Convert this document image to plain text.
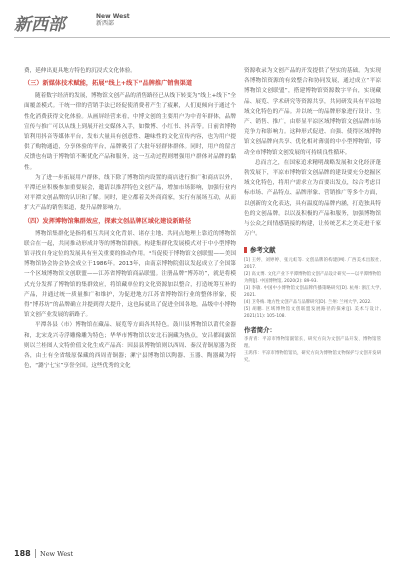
新西部	New West
新西部

费，延伸出更具地方特色的沉浸式文化体验。

（三）新媒体技术赋能，拓展“线上+线下”品牌推广销售渠道

随着数字经济的发展，博物馆文创产品的消售路径已从线下转变为“线上+线下”全面覆盖模式。干统一律的营销手法已经促使消费者产生了疲累，人们更倾向于通过个性化消费获得文化体验。从画屏经营来看，中博文创的主要用户为中青年群体，品牌宣传与推广可以从线上到展开社交媒体入手，如微博、小红书、抖音等。日前省博物馆利用抖音等媒体平台，发布大量具有创意性、趣味性的文化宣传内容，也为用户提供了购物通道，分享体验的平台，品牌吸引了大批年轻群体群体。同时，用户的留言反馈也有助于博物馆不断优化产品和服务，这一互动过程则增强用户群体对品牌的黏性。

为了进一步拓展用户群体，线下除了博物馆内设置的商店进行推广和商店以外，平潭还应积极参加重要展会，邀请以推荐特色文创产品，增加市场影响，加强行业内对平潭文创品牌的认识和了解。同时，建立都着关外商商家，实行有展场互动，从而扩大产品的销售渠道，提升品牌影响力。

（四）发挥博物馆集群效应，探索文创品牌区域化建设新路径

博物馆集群化是指将相互共同文化背景、诸存主地、共同点地理上靠近的博物馆联合在一起，共同推动形成并等的博物馆群族。构建集群化发展模式对于中小型博物馆寻找自身定位的发展具有至关重要的推动作用。⁴当促使于博物馆文创联盟——美国博物馆协会协会协会成立于1986年。2013年，由南京博物院倡议发起成立了全国第一个区域博物馆文创联盟——江苏省博物馆商品联盟。注册品牌“博苏坊”，就是将模式充分发挥了博物馆的集群效应，将馆藏单位的文化资源加以整合，打造统筹互补的产品，并通过统一质量推广和维护，为促进地方江苏省博物馆行业的整体形象，使得“博苏坊”的品牌确立并提到得大提升，这也际就出了促进全国各地，品级中小博物馆文创产业发展的新路子。

平潭各县（市）博物馆在藏品、展览等方面各其特色。鼓川县博物馆以莆代金器和，北宋龙兴寺浮雕像雕为特色；华华市博物馆以安北石涧藏为热点，安吕都闻露馆则以兰桂图人文特价值文化生成产品高：因县县博物馆则以西周、秦汉青铜原器为资各，由土有全省级原保藏的西周青铜器；漯宁县博物馆以陶器、玉器、陶器藏为特色，“潞宁七宝”享誉全国。这些优秀的文化

资源收录为文创产品的开发提供了坚实的基础。为实现各博物馆资源的有效整合和协同发展，通过成立“平凉博物馆文创联盟”，搭建博物馆资源数字平台，实现藏品、展览、学术研究等资源共享，共同研发具有平凉地域文化特色的产品。并以统一的品牌形象进行设计、生产、销售、推广，由彰显平凉区域博物馆文创品牌市场竞争力和影响力。这种形式促进、自强、使得区域博物馆文创品牌向共享、优化相对薄弱的中小型博物馆，带动全市博物馆文创发展的可持续良性循环。

总而言之，在国家追求精明战略发展和文化经济蓬勃发展下，平凉市博物馆文创品牌的建设要充分挖掘区域文化特色，将用户需求立为首要出发点，综合考虑目标市场、产品特点、品牌形象、营销推广等多个方面，以创新的文化表达，具有温度的品牌内涵，打造独具特色的文创品牌。以以及积极的产品和服务，加强博物馆与公众之间情感链接的构建，让传统艺术之美走进千家万户。

参考文献
[1] 王婷、刘婷婷、张元虹等. 文创品牌的构建[M]. 广西美术出版社, 2017.
[2] 高文博. 文化产业下平潭博物馆文创产品设计研究——以平潭博物馆为例[J]. 中国博物馆, 2020(2): 89-93.
[3] 李敏. 中国中小博物馆文创品牌传播策略研究[D]. 杭州: 浙江大学, 2021.
[4] 卫冬梅. 地方性文创产品与品牌研究[D]. 兰州: 兰州大学, 2022.
[5] 胡鹏. 区域博物馆文创联盟发展路径的探索[J]. 美术与设计, 2021(11): 105-108.
作者简介：
李青青：平凉市博物馆副馆长，研究方向为文创产品开发、博物馆管理。
王鸿伟：平凉市博物馆馆员，研究方向为博物馆文物保护与文创开发研究。
188 New West
